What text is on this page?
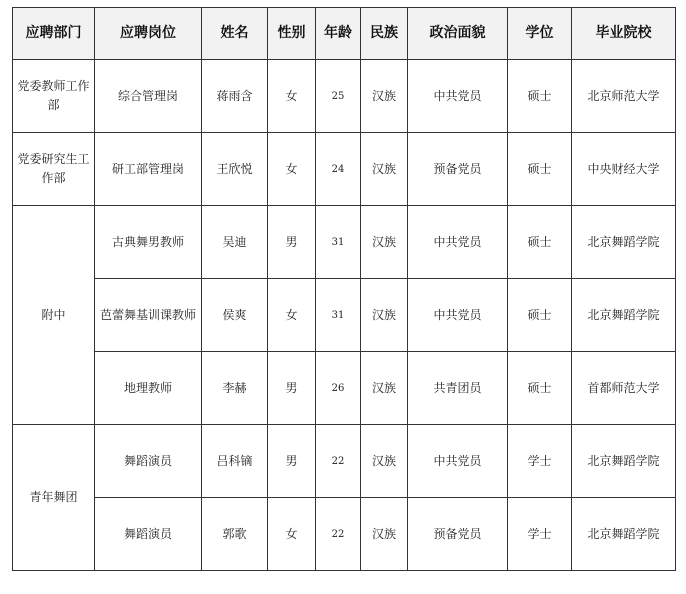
应聘部门	应聘岗位	姓名	性别	年龄	民族	政治面貌	学位	毕业院校
党委教师工作部	综合管理岗	蒋雨含	女	25	汉族	中共党员	硕士	北京师范大学
党委研究生工作部	研工部管理岗	王欣悦	女	24	汉族	预备党员	硕士	中央财经大学
附中	古典舞男教师	吴迪	男	31	汉族	中共党员	硕士	北京舞蹈学院
	芭蕾舞基训课教师	侯爽	女	31	汉族	中共党员	硕士	北京舞蹈学院
	地理教师	李赫	男	26	汉族	共青团员	硕士	首都师范大学
青年舞团	舞蹈演员	吕科镝	男	22	汉族	中共党员	学士	北京舞蹈学院
	舞蹈演员	郭歌	女	22	汉族	预备党员	学士	北京舞蹈学院
